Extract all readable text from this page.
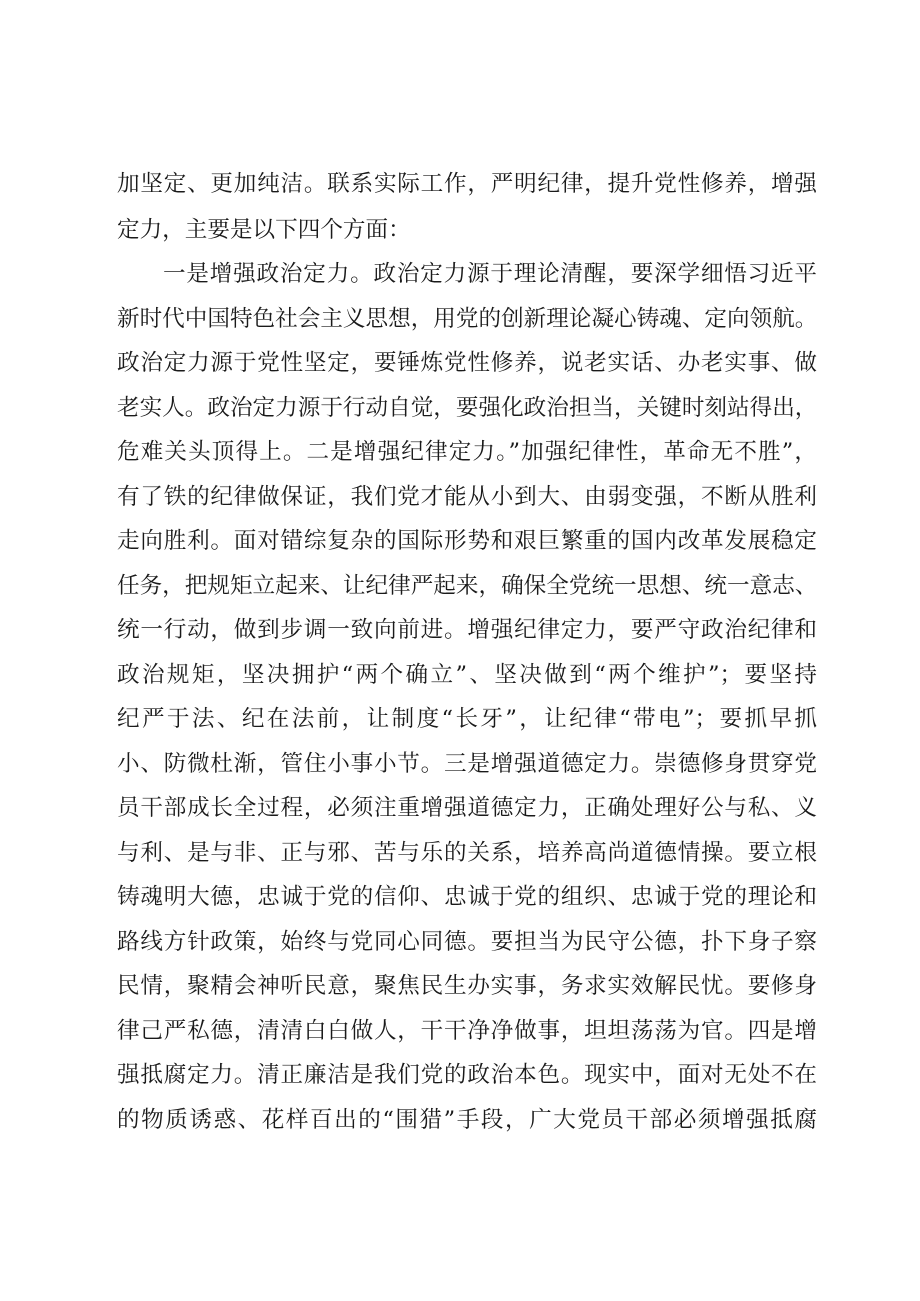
加坚定、更加纯洁。联系实际工作，严明纪律，提升党性修养，增强
定力，主要是以下四个方面：
一是增强政治定力。政治定力源于理论清醒，要深学细悟习近平
新时代中国特色社会主义思想，用党的创新理论凝心铸魂、定向领航。
政治定力源于党性坚定，要锤炼党性修养，说老实话、办老实事、做
老实人。政治定力源于行动自觉，要强化政治担当，关键时刻站得出，
危难关头顶得上。二是增强纪律定力。”加强纪律性，革命无不胜”，
有了铁的纪律做保证，我们党才能从小到大、由弱变强，不断从胜利
走向胜利。面对错综复杂的国际形势和艰巨繁重的国内改革发展稳定
任务，把规矩立起来、让纪律严起来，确保全党统一思想、统一意志、
统一行动，做到步调一致向前进。增强纪律定力，要严守政治纪律和
政治规矩，坚决拥护“两个确立”、坚决做到“两个维护”；要坚持
纪严于法、纪在法前，让制度“长牙”，让纪律“带电”；要抓早抓
小、防微杜渐，管住小事小节。三是增强道德定力。崇德修身贯穿党
员干部成长全过程，必须注重增强道德定力，正确处理好公与私、义
与利、是与非、正与邪、苦与乐的关系，培养高尚道德情操。要立根
铸魂明大德，忠诚于党的信仰、忠诚于党的组织、忠诚于党的理论和
路线方针政策，始终与党同心同德。要担当为民守公德，扑下身子察
民情，聚精会神听民意，聚焦民生办实事，务求实效解民忧。要修身
律己严私德，清清白白做人，干干净净做事，坦坦荡荡为官。四是增
强抵腐定力。清正廉洁是我们党的政治本色。现实中，面对无处不在
的物质诱惑、花样百出的“围猎”手段，广大党员干部必须增强抵腐
